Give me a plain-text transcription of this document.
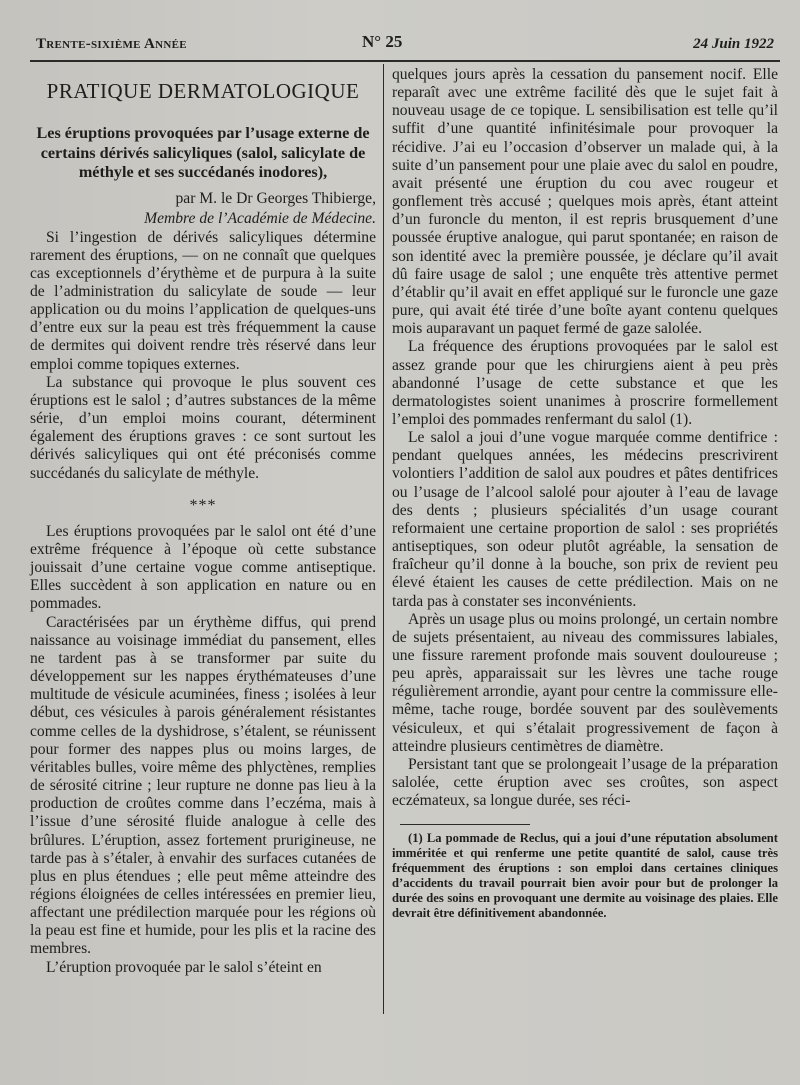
Trente-sixième Année	N° 25	24 Juin 1922
PRATIQUE DERMATOLOGIQUE
Les éruptions provoquées par l’usage externe de certains dérivés salicyliques (salol, salicylate de méthyle et ses succédanés inodores),

par M. le Dr Georges Thibierge,

Membre de l’Académie de Médecine.

Si l’ingestion de dérivés salicyliques détermine rarement des éruptions, — on ne connaît que quelques cas exceptionnels d’érythème et de purpura à la suite de l’administration du salicylate de soude — leur application ou du moins l’application de quelques-uns d’entre eux sur la peau est très fréquemment la cause de dermites qui doivent rendre très réservé dans leur emploi comme topiques externes.

La substance qui provoque le plus souvent ces éruptions est le salol ; d’autres substances de la même série, d’un emploi moins courant, déterminent également des éruptions graves : ce sont surtout les dérivés salicyliques qui ont été préconisés comme succédanés du salicylate de méthyle.

***

Les éruptions provoquées par le salol ont été d’une extrême fréquence à l’époque où cette substance jouissait d’une certaine vogue comme antiseptique. Elles succèdent à son application en nature ou en pommades.

Caractérisées par un érythème diffus, qui prend naissance au voisinage immédiat du pansement, elles ne tardent pas à se transformer par suite du développement sur les nappes érythémateuses d’une multitude de vésicule acuminées, finess ; isolées à leur début, ces vésicules à parois généralement résistantes comme celles de la dyshidrose, s’étalent, se réunissent pour former des nappes plus ou moins larges, de véritables bulles, voire même des phlyctènes, remplies de sérosité citrine ; leur rupture ne donne pas lieu à la production de croûtes comme dans l’eczéma, mais à l’issue d’une sérosité fluide analogue à celle des brûlures. L’éruption, assez fortement prurigineuse, ne tarde pas à s’étaler, à envahir des surfaces cutanées de plus en plus étendues ; elle peut même atteindre des régions éloignées de celles intéressées en premier lieu, affectant une prédilection marquée pour les régions où la peau est fine et humide, pour les plis et la racine des membres.

L’éruption provoquée par le salol s’éteint en

quelques jours après la cessation du pansement nocif. Elle reparaît avec une extrême facilité dès que le sujet fait à nouveau usage de ce topique. L sensibilisation est telle qu’il suffit d’une quantité infinitésimale pour provoquer la récidive. J’ai eu l’occasion d’observer un malade qui, à la suite d’un pansement pour une plaie avec du salol en poudre, avait présenté une éruption du cou avec rougeur et gonflement très accusé ; quelques mois après, étant atteint d’un furoncle du menton, il est repris brusquement d’une poussée éruptive analogue, qui parut spontanée; en raison de son identité avec la première poussée, je déclare qu’il avait dû faire usage de salol ; une enquête très attentive permet d’établir qu’il avait en effet appliqué sur le furoncle une gaze pure, qui avait été tirée d’une boîte ayant contenu quelques mois auparavant un paquet fermé de gaze salolée.

La fréquence des éruptions provoquées par le salol est assez grande pour que les chirurgiens aient à peu près abandonné l’usage de cette substance et que les dermatologistes soient unanimes à proscrire formellement l’emploi des pommades renfermant du salol (1).

Le salol a joui d’une vogue marquée comme dentifrice : pendant quelques années, les médecins prescrivirent volontiers l’addition de salol aux poudres et pâtes dentifrices ou l’usage de l’alcool salolé pour ajouter à l’eau de lavage des dents ; plusieurs spécialités d’un usage courant reformaient une certaine proportion de salol : ses propriétés antiseptiques, son odeur plutôt agréable, la sensation de fraîcheur qu’il donne à la bouche, son prix de revient peu élevé étaient les causes de cette prédilection. Mais on ne tarda pas à constater ses inconvénients.

Après un usage plus ou moins prolongé, un certain nombre de sujets présentaient, au niveau des commissures labiales, une fissure rarement profonde mais souvent douloureuse ; peu après, apparaissait sur les lèvres une tache rouge régulièrement arrondie, ayant pour centre la commissure elle-même, tache rouge, bordée souvent par des soulèvements vésiculeux, et qui s’étalait progressivement de façon à atteindre plusieurs centimètres de diamètre.

Persistant tant que se prolongeait l’usage de la préparation salolée, cette éruption avec ses croûtes, son aspect eczémateux, sa longue durée, ses réci-

(1) La pommade de Reclus, qui a joui d’une réputation absolument imméritée et qui renferme une petite quantité de salol, cause très fréquemment des éruptions : son emploi dans certaines cliniques d’accidents du travail pourrait bien avoir pour but de prolonger la durée des soins en provoquant une dermite au voisinage des plaies. Elle devrait être définitivement abandonnée.
